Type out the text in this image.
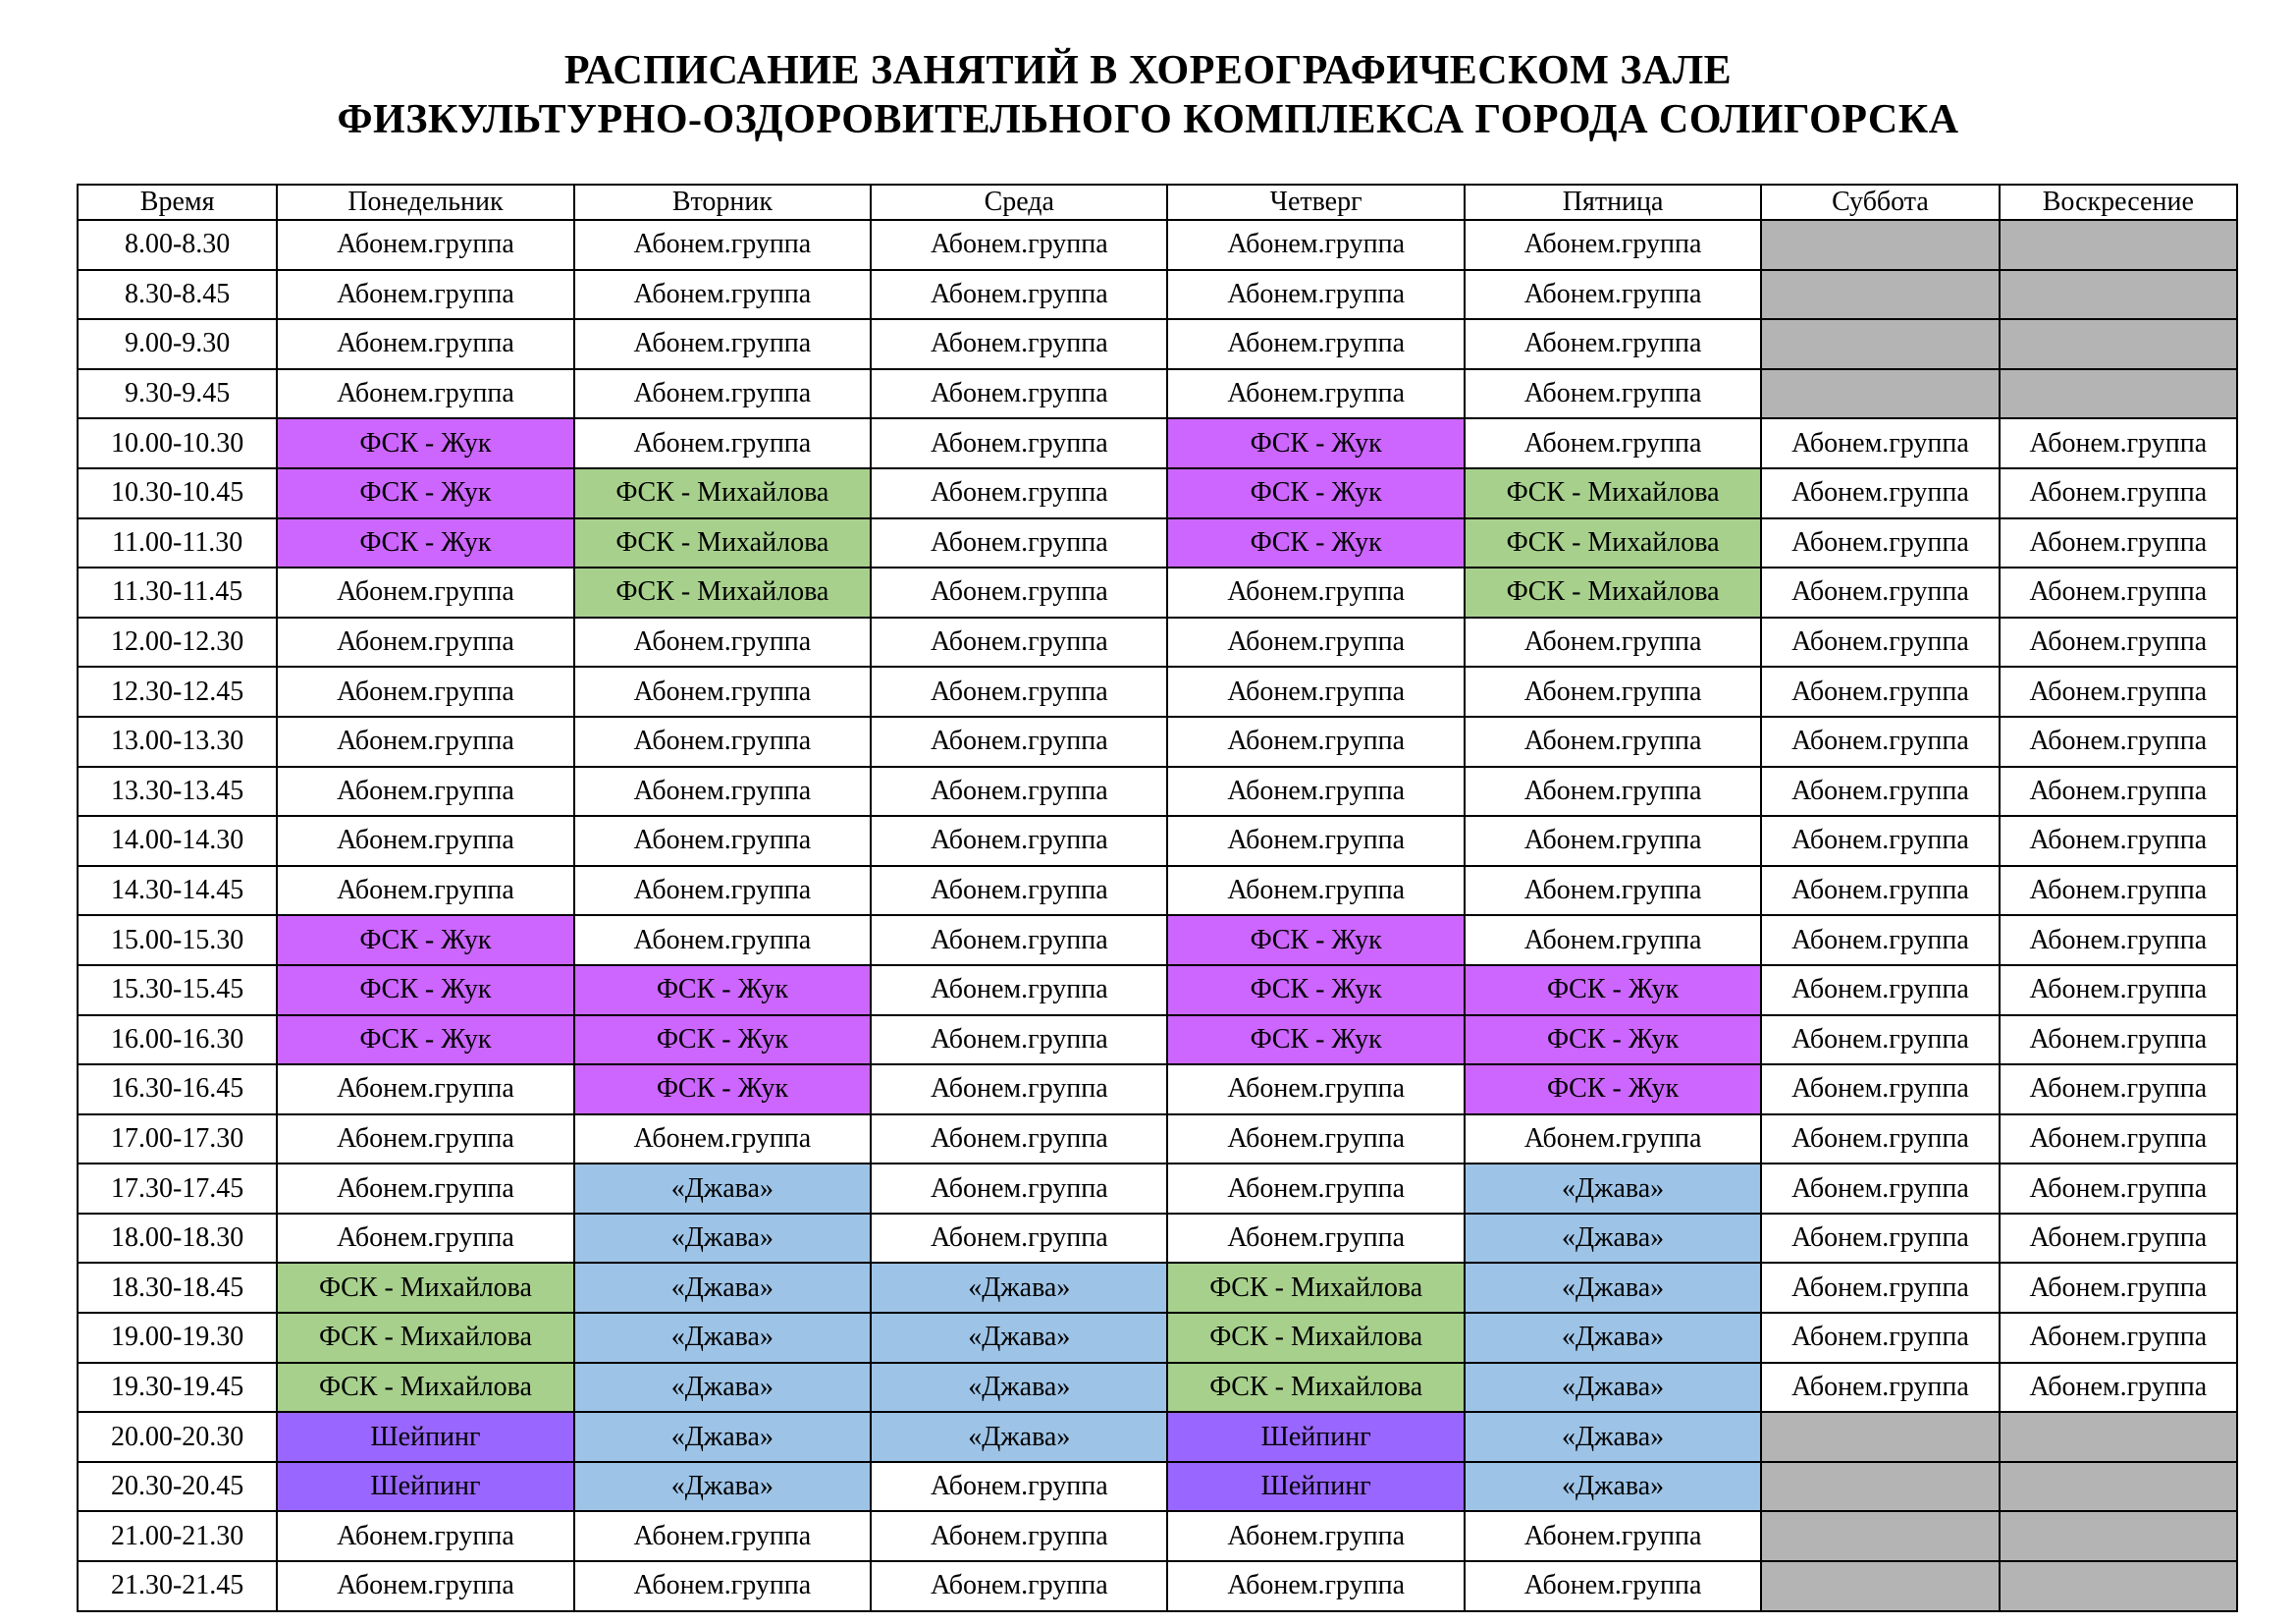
РАСПИСАНИЕ ЗАНЯТИЙ В ХОРЕОГРАФИЧЕСКОМ ЗАЛЕ
ФИЗКУЛЬТУРНО-ОЗДОРОВИТЕЛЬНОГО КОМПЛЕКСА ГОРОДА СОЛИГОРСКА
Время	Понедельник	Вторник	Среда	Четверг	Пятница	Суббота	Воскресение
8.00-8.30	Абонем.группа	Абонем.группа	Абонем.группа	Абонем.группа	Абонем.группа		
8.30-8.45	Абонем.группа	Абонем.группа	Абонем.группа	Абонем.группа	Абонем.группа		
9.00-9.30	Абонем.группа	Абонем.группа	Абонем.группа	Абонем.группа	Абонем.группа		
9.30-9.45	Абонем.группа	Абонем.группа	Абонем.группа	Абонем.группа	Абонем.группа		
10.00-10.30	ФСК - Жук	Абонем.группа	Абонем.группа	ФСК - Жук	Абонем.группа	Абонем.группа	Абонем.группа
10.30-10.45	ФСК - Жук	ФСК - Михайлова	Абонем.группа	ФСК - Жук	ФСК - Михайлова	Абонем.группа	Абонем.группа
11.00-11.30	ФСК - Жук	ФСК - Михайлова	Абонем.группа	ФСК - Жук	ФСК - Михайлова	Абонем.группа	Абонем.группа
11.30-11.45	Абонем.группа	ФСК - Михайлова	Абонем.группа	Абонем.группа	ФСК - Михайлова	Абонем.группа	Абонем.группа
12.00-12.30	Абонем.группа	Абонем.группа	Абонем.группа	Абонем.группа	Абонем.группа	Абонем.группа	Абонем.группа
12.30-12.45	Абонем.группа	Абонем.группа	Абонем.группа	Абонем.группа	Абонем.группа	Абонем.группа	Абонем.группа
13.00-13.30	Абонем.группа	Абонем.группа	Абонем.группа	Абонем.группа	Абонем.группа	Абонем.группа	Абонем.группа
13.30-13.45	Абонем.группа	Абонем.группа	Абонем.группа	Абонем.группа	Абонем.группа	Абонем.группа	Абонем.группа
14.00-14.30	Абонем.группа	Абонем.группа	Абонем.группа	Абонем.группа	Абонем.группа	Абонем.группа	Абонем.группа
14.30-14.45	Абонем.группа	Абонем.группа	Абонем.группа	Абонем.группа	Абонем.группа	Абонем.группа	Абонем.группа
15.00-15.30	ФСК - Жук	Абонем.группа	Абонем.группа	ФСК - Жук	Абонем.группа	Абонем.группа	Абонем.группа
15.30-15.45	ФСК - Жук	ФСК - Жук	Абонем.группа	ФСК - Жук	ФСК - Жук	Абонем.группа	Абонем.группа
16.00-16.30	ФСК - Жук	ФСК - Жук	Абонем.группа	ФСК - Жук	ФСК - Жук	Абонем.группа	Абонем.группа
16.30-16.45	Абонем.группа	ФСК - Жук	Абонем.группа	Абонем.группа	ФСК - Жук	Абонем.группа	Абонем.группа
17.00-17.30	Абонем.группа	Абонем.группа	Абонем.группа	Абонем.группа	Абонем.группа	Абонем.группа	Абонем.группа
17.30-17.45	Абонем.группа	«Джава»	Абонем.группа	Абонем.группа	«Джава»	Абонем.группа	Абонем.группа
18.00-18.30	Абонем.группа	«Джава»	Абонем.группа	Абонем.группа	«Джава»	Абонем.группа	Абонем.группа
18.30-18.45	ФСК - Михайлова	«Джава»	«Джава»	ФСК - Михайлова	«Джава»	Абонем.группа	Абонем.группа
19.00-19.30	ФСК - Михайлова	«Джава»	«Джава»	ФСК - Михайлова	«Джава»	Абонем.группа	Абонем.группа
19.30-19.45	ФСК - Михайлова	«Джава»	«Джава»	ФСК - Михайлова	«Джава»	Абонем.группа	Абонем.группа
20.00-20.30	Шейпинг	«Джава»	«Джава»	Шейпинг	«Джава»		
20.30-20.45	Шейпинг	«Джава»	Абонем.группа	Шейпинг	«Джава»		
21.00-21.30	Абонем.группа	Абонем.группа	Абонем.группа	Абонем.группа	Абонем.группа		
21.30-21.45	Абонем.группа	Абонем.группа	Абонем.группа	Абонем.группа	Абонем.группа		
